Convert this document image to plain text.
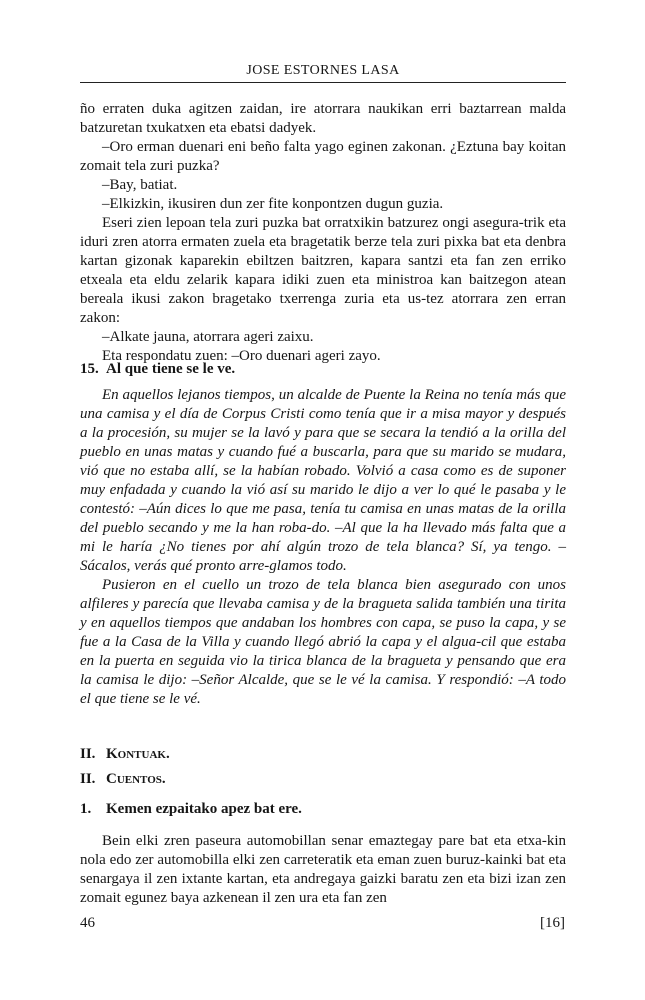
JOSE ESTORNES LASA

ño erraten duka agitzen zaidan, ire atorrara naukikan erri baztarrean malda batzuretan txukatxen eta ebatsi dadyek.

–Oro erman duenari eni beño falta yago eginen zakonan. ¿Eztuna bay koitan zomait tela zuri puzka?

–Bay, batiat.

–Elkizkin, ikusiren dun zer fite konpontzen dugun guzia.

Eseri zien lepoan tela zuri puzka bat orratxikin batzurez ongi asegura-trik eta iduri zren atorra ermaten zuela eta bragetatik berze tela zuri pixka bat eta denbra kartan gizonak kaparekin ebiltzen baitzren, kapara santzi eta fan zen erriko etxeala eta eldu zelarik kapara idiki zuen eta ministroa kan baitzegon atean bereala ikusi zakon bragetako txerrenga zuria eta us-tez atorrara zen erran zakon:

–Alkate jauna, atorrara ageri zaixu.

Eta respondatu zuen: –Oro duenari ageri zayo.

15. Al que tiene se le ve.

En aquellos lejanos tiempos, un alcalde de Puente la Reina no tenía más que una camisa y el día de Corpus Cristi como tenía que ir a misa mayor y después a la procesión, su mujer se la lavó y para que se secara la tendió a la orilla del pueblo en unas matas y cuando fué a buscarla, para que su marido se mudara, vió que no estaba allí, se la habían robado. Volvió a casa como es de suponer muy enfadada y cuando la vió así su marido le dijo a ver lo qué le pasaba y le contestó: –Aún dices lo que me pasa, tenía tu camisa en unas matas de la orilla del pueblo secando y me la han roba-do. –Al que la ha llevado más falta que a mi le haría ¿No tienes por ahí algún trozo de tela blanca? Sí, ya tengo. –Sácalos, verás qué pronto arre-glamos todo.

Pusieron en el cuello un trozo de tela blanca bien asegurado con unos alfileres y parecía que llevaba camisa y de la bragueta salida también una tirita y en aquellos tiempos que andaban los hombres con capa, se puso la capa, y se fue a la Casa de la Villa y cuando llegó abrió la capa y el algua-cil que estaba en la puerta en seguida vio la tirica blanca de la bragueta y pensando que era la camisa le dijo: –Señor Alcalde, que se le vé la camisa. Y respondió: –A todo el que tiene se le vé.

II. Kontuak.
II. Cuentos.
1. Kemen ezpaitako apez bat ere.

Bein elki zren paseura automobillan senar emaztegay pare bat eta etxa-kin nola edo zer automobilla elki zen carreteratik eta eman zuen buruz-kainki bat eta senargaya il zen ixtante kartan, eta andregaya gaizki baratu zen eta bizi izan zen zomait egunez baya azkenean il zen ura eta fan zen

46	[16]
